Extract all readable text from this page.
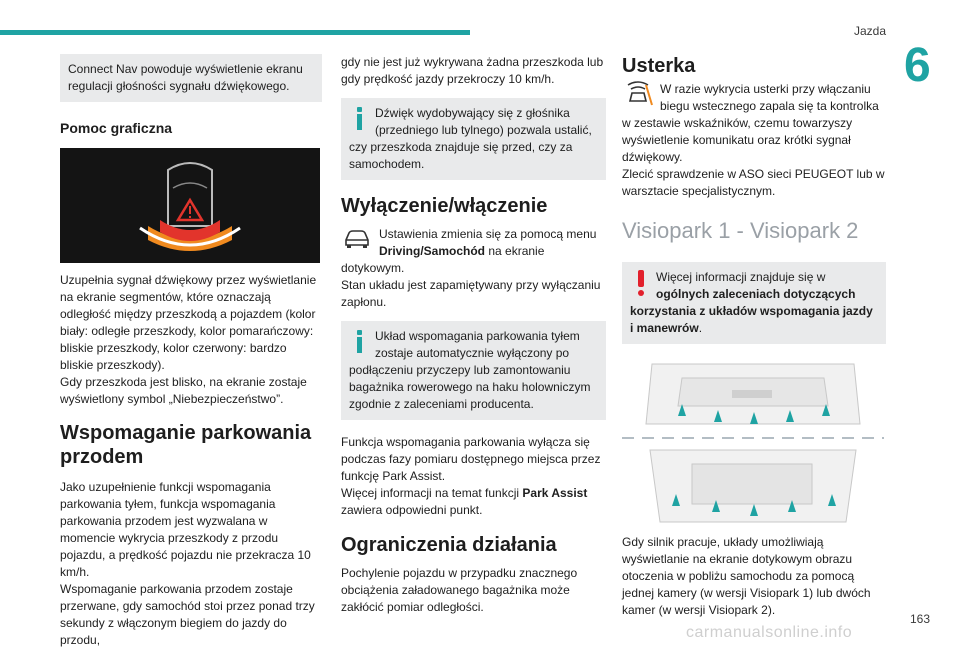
Jazda
6
Connect Nav powoduje wyświetlenie ekranu regulacji głośności sygnału dźwiękowego.
Pomoc graficzna

Uzupełnia sygnał dźwiękowy przez wyświetlanie na ekranie segmentów, które oznaczają odległość między przeszkodą a pojazdem (kolor biały: odległe przeszkody, kolor pomarańczowy: bliskie przeszkody, kolor czerwony: bardzo bliskie przeszkody).

Gdy przeszkoda jest blisko, na ekranie zostaje wyświetlony symbol „Niebezpieczeństwo”.

Wspomaganie parkowania przodem

Jako uzupełnienie funkcji wspomagania parkowania tyłem, funkcja wspomagania parkowania przodem jest wyzwalana w momencie wykrycia przeszkody z przodu pojazdu, a prędkość pojazdu nie przekracza 10 km/h.

Wspomaganie parkowania przodem zostaje przerwane, gdy samochód stoi przez ponad trzy sekundy z włączonym biegiem do jazdy do przodu,

gdy nie jest już wykrywana żadna przeszkoda lub gdy prędkość jazdy przekroczy 10 km/h.

Dźwięk wydobywający się z głośnika (przedniego lub tylnego) pozwala ustalić, czy przeszkoda znajduje się przed, czy za samochodem.
Wyłączenie/włączenie
Ustawienia zmienia się za pomocą menu Driving/Samochód na ekranie dotykowym.
Stan układu jest zapamiętywany przy wyłączaniu zapłonu.
Układ wspomagania parkowania tyłem zostaje automatycznie wyłączony po podłączeniu przyczepy lub zamontowaniu bagażnika rowerowego na haku holowniczym zgodnie z zaleceniami producenta.

Funkcja wspomagania parkowania wyłącza się podczas fazy pomiaru dostępnego miejsca przez funkcję Park Assist.

Więcej informacji na temat funkcji Park Assist zawiera odpowiedni punkt.

Ograniczenia działania

Pochylenie pojazdu w przypadku znacznego obciążenia załadowanego bagażnika może zakłócić pomiar odległości.

Usterka
W razie wykrycia usterki przy włączaniu biegu wstecznego zapala się ta kontrolka w zestawie wskaźników, czemu towarzyszy wyświetlenie komunikatu oraz krótki sygnał dźwiękowy.
Zlecić sprawdzenie w ASO sieci PEUGEOT lub w warsztacie specjalistycznym.
Visiopark 1 - Visiopark 2
Więcej informacji znajduje się w ogólnych zaleceniach dotyczących korzystania z układów wspomagania jazdy i manewrów.

Gdy silnik pracuje, układy umożliwiają wyświetlanie na ekranie dotykowym obrazu otoczenia w pobliżu samochodu za pomocą jednej kamery (w wersji Visiopark 1) lub dwóch kamer (w wersji Visiopark 2).

163
carmanualsonline.info
